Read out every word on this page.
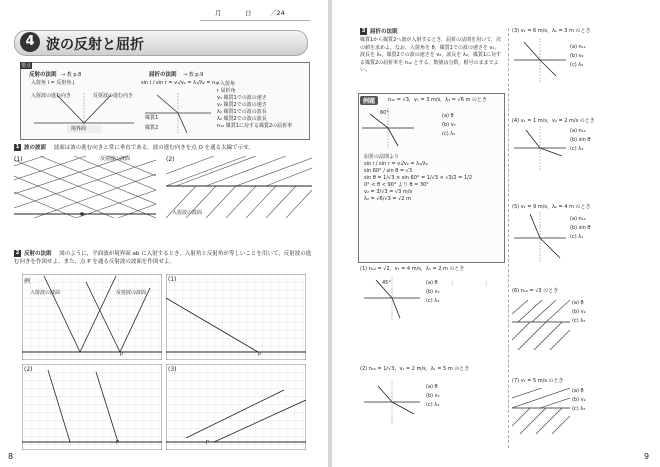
月	日	／24
4 波の反射と屈折
要点
反射の法則 → 教 p.8
入射角 i = 反射角 j
入射波の進む向き	反射波の進む向き
境界面
屈折の法則 → 教 p.9
sin i / sin r = v₁/v₂ = λ₁/λ₂ = n₁₂
媒質1
媒質2
i 入射角
r 屈折角
v₁ 媒質1での波の速さ
v₂ 媒質2での波の速さ
λ₁ 媒質1での波の波長
λ₂ 媒質2での波の波長
n₁₂ 媒質1に対する媒質2の屈折率
1 波の波面 波面は波の進む向きと常に垂直である。波の進む向きを点 O を通る太線で示せ。
(1)	反射波の波面
O
(2)
入射波の波面
2 反射の法則 図のように，平面波が境界面 ab に入射するとき，入射角と反射角が等しいことを用いて，反射波の進む向きを作図せよ。また，点 P を通る反射波の波面を作図せよ。
例
入射波の波面	反射波の波面
P
(1)
P
(2)
P
(3)
P
8
3 屈折の法則
媒質1から媒質2へ波が入射するとき，屈折の法則を用いて，次の値を求めよ。なお，入射角を θ，媒質1での波の速さを v₁，波長を λ₁，媒質2での波の速さを v₂，波長を λ₂，媒質1に対する媒質2の屈折率を n₁₂ とする。数値は分数，根号のままでよい。
例題	n₁₂ = √3，v₁ = 3 m/s，λ₁ = √6 m のとき
60°	(a) θ
(b) v₂
(c) λ₂
屈折の法則より
sin i / sin r = v₁/v₂ = λ₁/λ₂
sin 60° / sin θ = √3
sin θ = 1/√3 × sin 60° = 1/√3 × √3/2 = 1/2
0° < θ < 90° より θ = 30°
v₂ = 3/√3 = √3 m/s
λ₂ = √6/√3 = √2 m
(1) n₁₂ = √2，v₁ = 4 m/s，λ₁ = 2 m のとき
45°	(a) θ
(b) v₂
(c) λ₂
〔	〕
(2) n₁₂ = 1/√3，v₁ = 2 m/s，λ₁ = 5 m のとき
(a) θ
(b) v₂
(c) λ₂
(3) v₁ = 6 m/s，λ₁ = 3 m のとき
(a) n₁₂
(b) v₂
(c) λ₂
(4) v₁ = 1 m/s，v₂ = 2 m/s のとき
(a) n₁₂
(b) sin θ
(c) λ₂
(5) v₁ = 9 m/s，λ₂ = 4 m のとき
(a) n₁₂
(b) sin θ
(c) λ₁
(6) n₁₂ = √3 のとき
(a) θ
(b) v₂
(c) λ₂
(7) v₁ = 5 m/s のとき
(a) θ
(b) v₂
(c) λ₂
9
